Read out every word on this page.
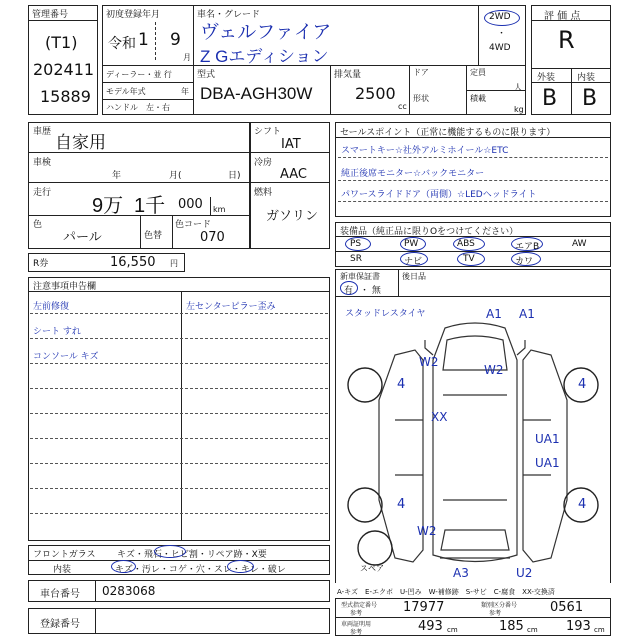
管理番号
(T1)
202411
15889
初度登録年月
令和 1 9
月
車名・グレード
ヴェルファイア
Z Gエディション
2WD
・
4WD
ディーラー・並 行
モデル年式	年
ハンドル　左・右
型式
DBA-AGH30W
排気量
2500
cc
ドア
形状
定員
人
積載
kg
評 価 点
R
外装 内装
B B
車歴
自家用
車検
年	月(	日)
走行
9万 1千 000 km
色
パール	色替
色コード
070
シフト
IAT
冷房
AAC
燃料
ガソリン
R券	16,550 円
セールスポイント（正常に機能するものに限ります）
スマートキー☆社外アルミホイール☆ETC
純正後席モニター☆バックモニター
パワースライドドア（両側）☆LEDヘッドライト
装備品（純正品に限りOをつけてください）
PS	PW	ABS	エアB	AW
SR	ナビ	TV	カワ
新車保証書
有 ・ 無
後日品
注意事項申告欄
左前修復	左センターピラー歪み
シート すれ
コンソール キズ
スタッドレスタイヤ	A1 A1
W2
W2
4	4
XX
UA1
UA1
4	4
W2
A3	U2
スペア
A-キズ　E-エクボ　U-凹み　W-補修跡　S-サビ　C-腐食　XX-交換済
フロントガラス キズ・飛石・ヒビ割・リペア跡・X要
内装	キズ・汚レ・コゲ・穴・スレ・キレ・破レ
車台番号 0283068
登録番号
型式指定番号
参考	17977	類別区分番号
参考	0561
車両証明用
参考	493 cm	185 cm 193 cm
